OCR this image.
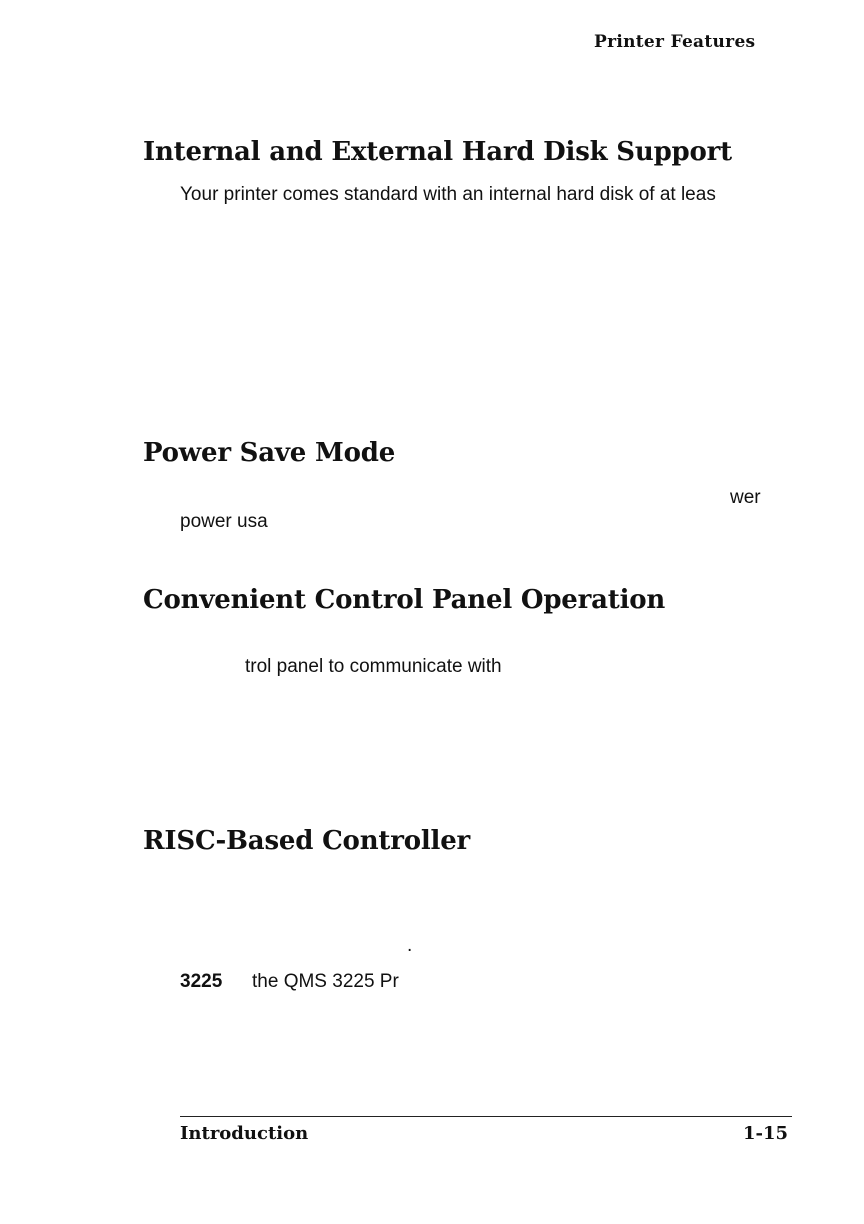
Printer Features
Internal and External Hard Disk Support
Your printer comes standard with an internal hard disk of at leas
Power Save Mode
wer
power usa
Convenient Control Panel Operation
trol panel to communicate with
RISC-Based Controller
.
3225 the QMS 3225 Pr
Introduction	1-15
